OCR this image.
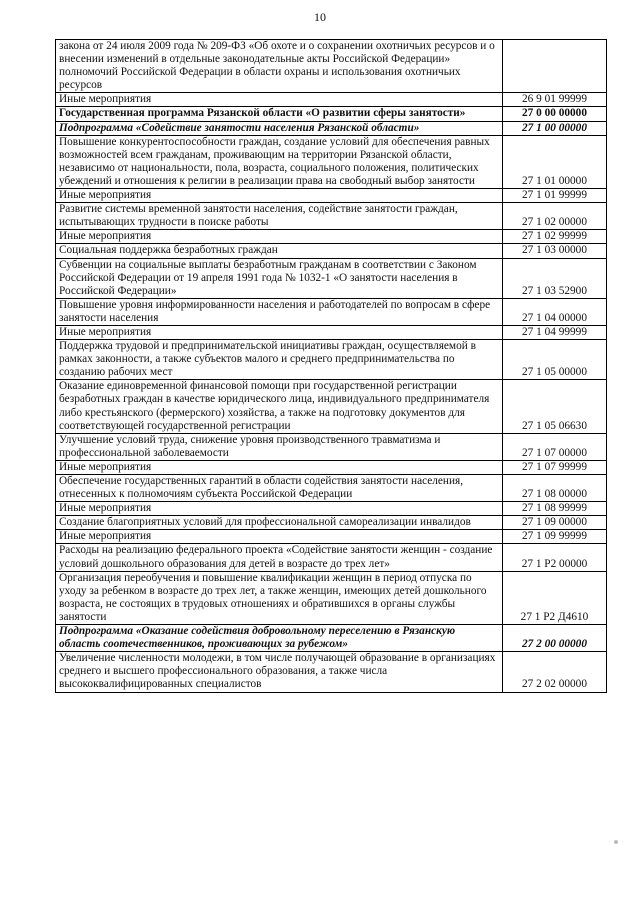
10
закона от 24 июля 2009 года № 209-ФЗ «Об охоте и о сохранении охотничьих ресурсов и о внесении изменений в отдельные законодательные акты Российской Федерации» полномочий Российской Федерации в области охраны и использования охотничьих ресурсов	
Иные мероприятия	26 9 01 99999
Государственная программа Рязанской области «О развитии сферы занятости»	27 0 00 00000
Подпрограмма «Содействие занятости населения Рязанской области»	27 1 00 00000
Повышение конкурентоспособности граждан, создание условий для обеспечения равных возможностей всем гражданам, проживающим на территории Рязанской области, независимо от национальности, пола, возраста, социального положения, политических убеждений и отношения к религии в реализации права на свободный выбор занятости	27 1 01 00000
Иные мероприятия	27 1 01 99999
Развитие системы временной занятости населения, содействие занятости граждан, испытывающих трудности в поиске работы	27 1 02 00000
Иные мероприятия	27 1 02 99999
Социальная поддержка безработных граждан	27 1 03 00000
Субвенции на социальные выплаты безработным гражданам в соответствии с Законом Российской Федерации от 19 апреля 1991 года № 1032-1 «О занятости населения в Российской Федерации»	27 1 03 52900
Повышение уровня информированности населения и работодателей по вопросам в сфере занятости населения	27 1 04 00000
Иные мероприятия	27 1 04 99999
Поддержка трудовой и предпринимательской инициативы граждан, осуществляемой в рамках законности, а также субъектов малого и среднего предпринимательства по созданию рабочих мест	27 1 05 00000
Оказание единовременной финансовой помощи при государственной регистрации безработных граждан в качестве юридического лица, индивидуального предпринимателя либо крестьянского (фермерского) хозяйства, а также на подготовку документов для соответствующей государственной регистрации	27 1 05 06630
Улучшение условий труда, снижение уровня производственного травматизма и профессиональной заболеваемости	27 1 07 00000
Иные мероприятия	27 1 07 99999
Обеспечение государственных гарантий в области содействия занятости населения, отнесенных к полномочиям субъекта Российской Федерации	27 1 08 00000
Иные мероприятия	27 1 08 99999
Создание благоприятных условий для профессиональной самореализации инвалидов	27 1 09 00000
Иные мероприятия	27 1 09 99999
Расходы на реализацию федерального проекта «Содействие занятости женщин - создание условий дошкольного образования для детей в возрасте до трех лет»	27 1 P2 00000
Организация переобучения и повышение квалификации женщин в период отпуска по уходу за ребенком в возрасте до трех лет, а также женщин, имеющих детей дошкольного возраста, не состоящих в трудовых отношениях и обратившихся в органы службы занятости	27 1 P2 Д4610
Подпрограмма «Оказание содействия добровольному переселению в Рязанскую область соотечественников, проживающих за рубежом»	27 2 00 00000
Увеличение численности молодежи, в том числе получающей образование в организациях среднего и высшего профессионального образования, а также числа высококвалифицированных специалистов	27 2 02 00000
